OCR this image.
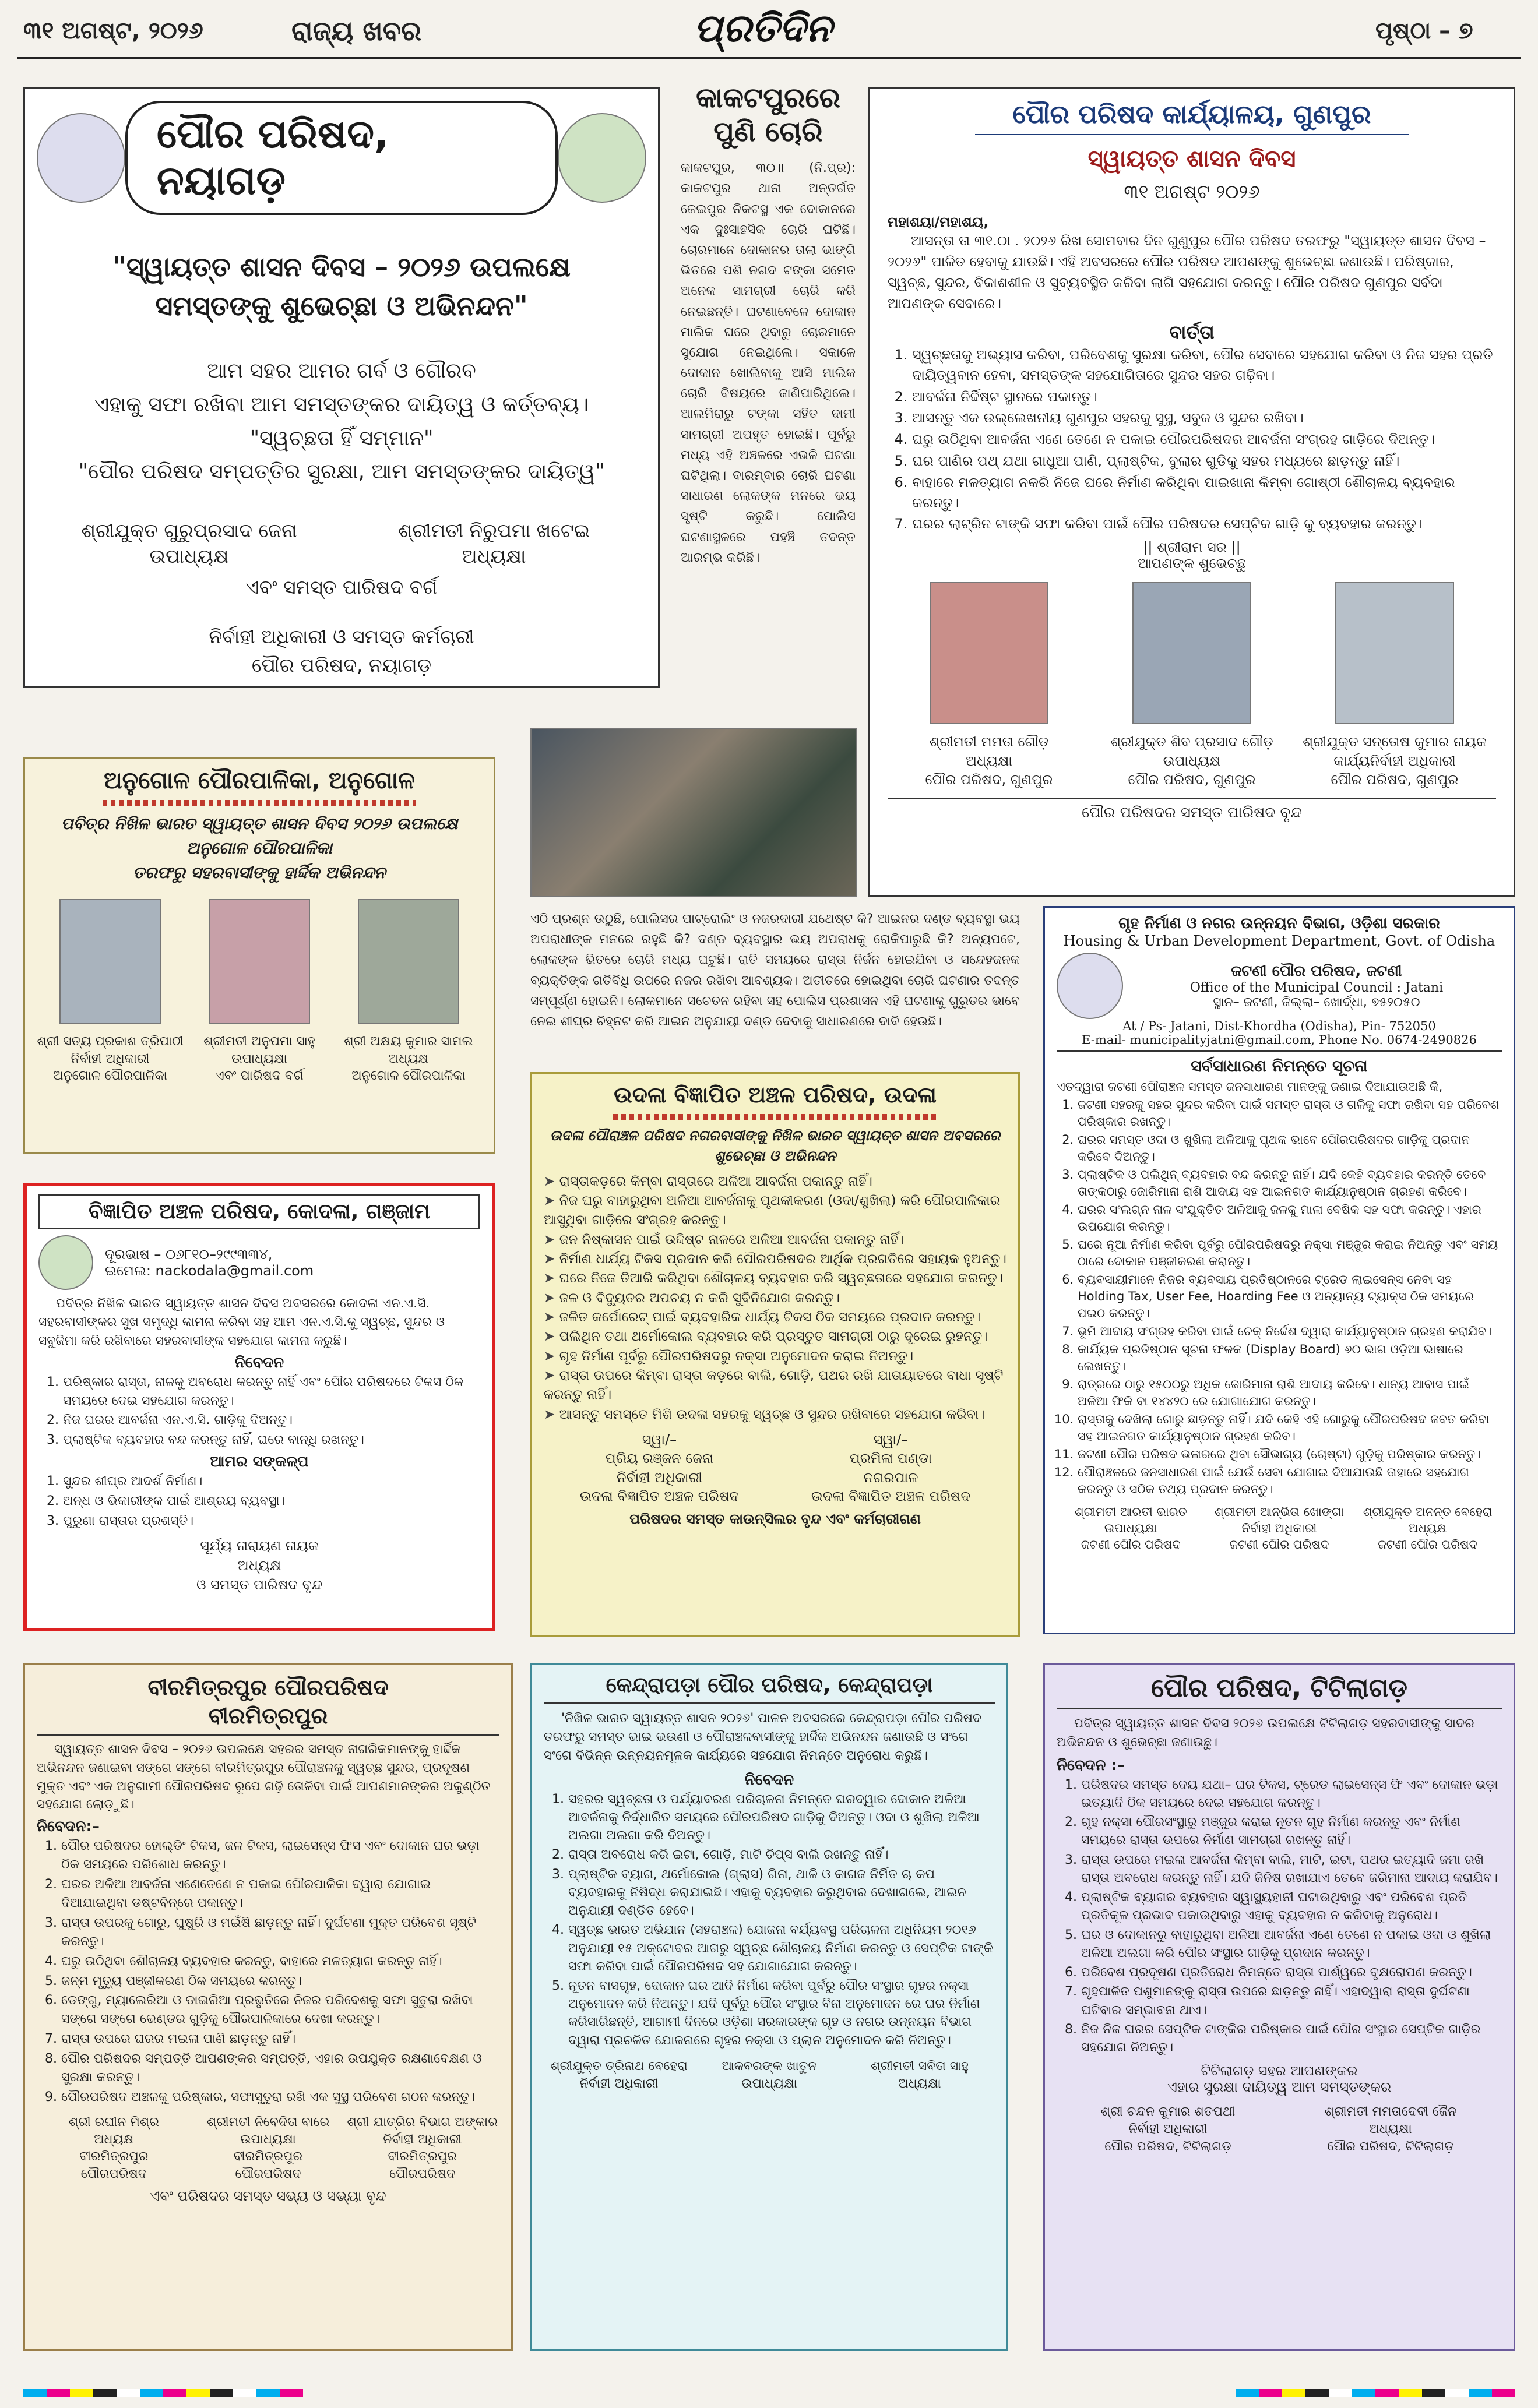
୩୧ ଅଗଷ୍ଟ, ୨୦୨୬	ରାଜ୍ୟ ଖବର	ପ୍ରତିଦିନ	ପୃଷ୍ଠା – ୭
ପୌର ପରିଷଦ, ନୟାଗଡ଼
"ସ୍ୱାୟତ୍ତ ଶାସନ ଦିବସ – ୨୦୨୬ ଉପଲକ୍ଷେ ସମସ୍ତଙ୍କୁ ଶୁଭେଚ୍ଛା ଓ ଅଭିନନ୍ଦନ"
ଆମ ସହର ଆମର ଗର୍ବ ଓ ଗୌରବ
ଏହାକୁ ସଫା ରଖିବା ଆମ ସମସ୍ତଙ୍କର ଦାୟିତ୍ୱ ଓ କର୍ତ୍ତବ୍ୟ।
"ସ୍ୱଚ୍ଛତା ହିଁ ସମ୍ମାନ"
"ପୌର ପରିଷଦ ସମ୍ପତ୍ତିର ସୁରକ୍ଷା, ଆମ ସମସ୍ତଙ୍କର ଦାୟିତ୍ୱ"
ଶ୍ରୀଯୁକ୍ତ ଗୁରୁପ୍ରସାଦ ଜେନା
ଉପାଧ୍ୟକ୍ଷ
ଶ୍ରୀମତୀ ନିରୁପମା ଖଟେଇ
ଅଧ୍ୟକ୍ଷା
ଏବଂ ସମସ୍ତ ପାରିଷଦ ବର୍ଗ
ନିର୍ବାହୀ ଅଧିକାରୀ ଓ ସମସ୍ତ କର୍ମଚାରୀ
ପୌର ପରିଷଦ, ନୟାଗଡ଼
କାକଟପୁରରେ
ପୁଣି ଚୋରି
କାକଟପୁର, ୩୦।୮ (ନି.ପ୍ର): କାକଟପୁର ଥାନା ଅନ୍ତର୍ଗତ ଜେଇପୁର ନିକଟସ୍ଥ ଏକ ଦୋକାନରେ ଏକ ଦୁଃସାହସିକ ଚୋରି ଘଟିଛି। ଚୋରମାନେ ଦୋକାନର ତାଲା ଭାଙ୍ଗି ଭିତରେ ପଶି ନଗଦ ଟଙ୍କା ସମେତ ଅନେକ ସାମଗ୍ରୀ ଚୋରି କରି ନେଇଛନ୍ତି। ଘଟଣାବେଳେ ଦୋକାନ ମାଲିକ ଘରେ ଥିବାରୁ ଚୋରମାନେ ସୁଯୋଗ ନେଇଥିଲେ। ସକାଳେ ଦୋକାନ ଖୋଲିବାକୁ ଆସି ମାଲିକ ଚୋରି ବିଷୟରେ ଜାଣିପାରିଥିଲେ। ଆଲମିରାରୁ ଟଙ୍କା ସହିତ ଦାମୀ ସାମଗ୍ରୀ ଅପହୃତ ହୋଇଛି। ପୂର୍ବରୁ ମଧ୍ୟ ଏହି ଅଞ୍ଚଳରେ ଏଭଳି ଘଟଣା ଘଟିଥିଲା। ବାରମ୍ବାର ଚୋରି ଘଟଣା ସାଧାରଣ ଲୋକଙ୍କ ମନରେ ଭୟ ସୃଷ୍ଟି କରୁଛି। ପୋଲିସ ଘଟଣାସ୍ଥଳରେ ପହଞ୍ଚି ତଦନ୍ତ ଆରମ୍ଭ କରିଛି।
ଏଠି ପ୍ରଶ୍ନ ଉଠୁଛି, ପୋଲିସର ପାଟ୍ରୋଲିଂ ଓ ନଜରଦାରୀ ଯଥେଷ୍ଟ କି? ଆଇନର ଦଣ୍ଡ ବ୍ୟବସ୍ଥା ଭୟ ଅପରାଧୀଙ୍କ ମନରେ ରହୁଛି କି? ଦଣ୍ଡ ବ୍ୟବସ୍ଥାର ଭୟ ଅପରାଧକୁ ରୋକିପାରୁଛି କି? ଅନ୍ୟପଟେ, ଲୋକଙ୍କ ଭିତରେ ଚୋରି ମଧ୍ୟ ଘଟୁଛି। ରାତି ସମୟରେ ରାସ୍ତା ନିର୍ଜନ ହୋଇଯିବା ଓ ସନ୍ଦେହଜନକ ବ୍ୟକ୍ତିଙ୍କ ଗତିବିଧି ଉପରେ ନଜର ରଖିବା ଆବଶ୍ୟକ। ଅତୀତରେ ହୋଇଥିବା ଚୋରି ଘଟଣାର ତଦନ୍ତ ସମ୍ପୂର୍ଣ୍ଣ ହୋଇନି। ଲୋକମାନେ ସଚେତନ ରହିବା ସହ ପୋଲିସ ପ୍ରଶାସନ ଏହି ଘଟଣାକୁ ଗୁରୁତର ଭାବେ ନେଇ ଶୀଘ୍ର ଚିହ୍ନଟ କରି ଆଇନ ଅନୁଯାୟୀ ଦଣ୍ଡ ଦେବାକୁ ସାଧାରଣରେ ଦାବି ହେଉଛି।
ପୌର ପରିଷଦ କାର୍ଯ୍ୟାଳୟ, ଗୁଣପୁର
ସ୍ୱାୟତ୍ତ ଶାସନ ଦିବସ
୩୧ ଅଗଷ୍ଟ ୨୦୨୬
ମହାଶୟା/ମହାଶୟ,
ଆସନ୍ତା ତା ୩୧.୦୮. ୨୦୨୬ ରିଖ ସୋମବାର ଦିନ ଗୁଣୁପୁର ପୌର ପରିଷଦ ତରଫରୁ "ସ୍ୱାୟତ୍ତ ଶାସନ ଦିବସ – ୨୦୨୬" ପାଳିତ ହେବାକୁ ଯାଉଛି। ଏହି ଅବସରରେ ପୌର ପରିଷଦ ଆପଣଙ୍କୁ ଶୁଭେଚ୍ଛା ଜଣାଉଛି। ପରିଷ୍କାର, ସ୍ୱଚ୍ଛ, ସୁନ୍ଦର, ବିକାଶଶୀଳ ଓ ସୁବ୍ୟବସ୍ଥିତ କରିବା ଲାଗି ସହଯୋଗ କରନ୍ତୁ। ପୌର ପରିଷଦ ଗୁଣପୁର ସର୍ବଦା ଆପଣଙ୍କ ସେବାରେ।
ବାର୍ତ୍ତା
1. ସ୍ୱଚ୍ଛତାକୁ ଅଭ୍ୟାସ କରିବା, ପରିବେଶକୁ ସୁରକ୍ଷା କରିବା, ପୌର ସେବାରେ ସହଯୋଗ କରିବା ଓ ନିଜ ସହର ପ୍ରତି ଦାୟିତ୍ୱବାନ ହେବା, ସମସ୍ତଙ୍କ ସହଯୋଗିତାରେ ସୁନ୍ଦର ସହର ଗଢ଼ିବା।
2. ଆବର୍ଜନା ନିର୍ଦ୍ଦିଷ୍ଟ ସ୍ଥାନରେ ପକାନ୍ତୁ।
3. ଆସନ୍ତୁ ଏକ ଉଲ୍ଲେଖନୀୟ ଗୁଣପୁର ସହରକୁ ସୁସ୍ଥ, ସବୁଜ ଓ ସୁନ୍ଦର ରଖିବା।
4. ଘରୁ ଉଠିଥିବା ଆବର୍ଜନା ଏଣେ ତେଣେ ନ ପକାଇ ପୌରପରିଷଦର ଆବର୍ଜନା ସଂଗ୍ରହ ଗାଡ଼ିରେ ଦିଅନ୍ତୁ।
5. ଘର ପାଣିର ପଥ୍ ଯଥା ଗାଧୁଆ ପାଣି, ପ୍ଲାଷ୍ଟିକ, ବୁଲାର ଗୁଡିକୁ ସହର ମଧ୍ୟରେ ଛାଡ଼ନ୍ତୁ ନାହିଁ।
6. ବାହାରେ ମଳତ୍ୟାଗ ନକରି ନିଜେ ଘରେ ନିର୍ମାଣ କରିଥିବା ପାଇଖାନା କିମ୍ବା ଗୋଷ୍ଠୀ ଶୌଚାଳୟ ବ୍ୟବହାର କରନ୍ତୁ।
7. ଘରର ଲାଟ୍ରିନ ଟାଙ୍କି ସଫା କରିବା ପାଇଁ ପୌର ପରିଷଦର ସେପ୍ଟିକ ଗାଡ଼ି କୁ ବ୍ୟବହାର କରନ୍ତୁ।
|| ଶ୍ରୀରାମ ସର ||
ଆପଣଙ୍କ ଶୁଭେଚ୍ଛୁ
ଶ୍ରୀମତୀ ମମତା ଗୌଡ଼
ଅଧ୍ୟକ୍ଷା
ପୌର ପରିଷଦ, ଗୁଣପୁର
ଶ୍ରୀଯୁକ୍ତ ଶିବ ପ୍ରସାଦ ଗୌଡ଼
ଉପାଧ୍ୟକ୍ଷ
ପୌର ପରିଷଦ, ଗୁଣପୁର
ଶ୍ରୀଯୁକ୍ତ ସନ୍ତୋଷ କୁମାର ନାୟକ
କାର୍ଯ୍ୟନିର୍ବାହୀ ଅଧିକାରୀ
ପୌର ପରିଷଦ, ଗୁଣପୁର
ପୌର ପରିଷଦର ସମସ୍ତ ପାରିଷଦ ବୃନ୍ଦ
ଅନୁଗୋଳ ପୌରପାଳିକା, ଅନୁଗୋଳ
ପବିତ୍ର ନିଖିଳ ଭାରତ ସ୍ୱାୟତ୍ତ ଶାସନ ଦିବସ ୨୦୨୬ ଉପଲକ୍ଷେ
ଅନୁଗୋଳ ପୌରପାଳିକା
ତରଫରୁ ସହରବାସୀଙ୍କୁ ହାର୍ଦ୍ଦିକ ଅଭିନନ୍ଦନ
ଶ୍ରୀ ସତ୍ୟ ପ୍ରକାଶ ତ୍ରିପାଠୀ
ନିର୍ବାହୀ ଅଧିକାରୀ
ଅନୁଗୋଳ ପୌରପାଳିକା
ଶ୍ରୀମତୀ ଅନୁପମା ସାହୁ
ଉପାଧ୍ୟକ୍ଷା
ଏବଂ ପାରିଷଦ ବର୍ଗ
ଶ୍ରୀ ଅକ୍ଷୟ କୁମାର ସାମଲ
ଅଧ୍ୟକ୍ଷ
ଅନୁଗୋଳ ପୌରପାଳିକା
ବିଜ୍ଞାପିତ ଅଞ୍ଚଳ ପରିଷଦ, କୋଦଳା, ଗଞ୍ଜାମ
ଦୂରଭାଷ – ୦୬୮୧୦–୨୯୯୩୩୪,
ଇମେଲ: nackodala@gmail.com
ପବିତ୍ର ନିଖିଳ ଭାରତ ସ୍ୱାୟତ୍ତ ଶାସନ ଦିବସ ଅବସରରେ କୋଦଳା ଏନ.ଏ.ସି. ସହରବାସୀଙ୍କର ସୁଖ ସମୃଦ୍ଧି କାମନା କରିବା ସହ ଆମ ଏନ.ଏ.ସି.କୁ ସ୍ୱଚ୍ଛ, ସୁନ୍ଦର ଓ ସବୁଜିମା କରି ରଖିବାରେ ସହରବାସୀଙ୍କ ସହଯୋଗ କାମନା କରୁଛି।
ନିବେଦନ
1. ପରିଷ୍କାର ରାସ୍ତା, ନାଳକୁ ଅବରୋଧ କରନ୍ତୁ ନାହିଁ ଏବଂ ପୌର ପରିଷଦରେ ଟିକସ ଠିକ ସମୟରେ ଦେଇ ସହଯୋଗ କରନ୍ତୁ।
2. ନିଜ ଘରର ଆବର୍ଜନା ଏନ.ଏ.ସି. ଗାଡ଼ିକୁ ଦିଅନ୍ତୁ।
3. ପ୍ଲାଷ୍ଟିକ ବ୍ୟବହାର ବନ୍ଦ କରନ୍ତୁ ନାହିଁ, ଘରେ ବାନ୍ଧି ରଖନ୍ତୁ।
ଆମର ସଙ୍କଳ୍ପ
1. ସୁନ୍ଦର ଶୀଘ୍ର ଆଦର୍ଶ ନିର୍ମାଣ।
2. ଅନ୍ଧ ଓ ଭିକାରୀଙ୍କ ପାଇଁ ଆଶ୍ରୟ ବ୍ୟବସ୍ଥା।
3. ପୁରୁଣା ରାସ୍ତାର ପ୍ରଶସ୍ତି।
ସୂର୍ଯ୍ୟ ନାରାୟଣ ନାୟକ
ଅଧ୍ୟକ୍ଷ
ଓ ସମସ୍ତ ପାରିଷଦ ବୃନ୍ଦ
ଉଦଳା ବିଜ୍ଞାପିତ ଅଞ୍ଚଳ ପରିଷଦ, ଉଦଳା
ଉଦଳା ପୌରାଞ୍ଚଳ ପରିଷଦ ନଗରବାସୀଙ୍କୁ ନିଖିଳ ଭାରତ ସ୍ୱାୟତ୍ତ ଶାସନ ଅବସରରେ ଶୁଭେଚ୍ଛା ଓ ଅଭିନନ୍ଦନ
➤ ରାସ୍ତାକଡ଼ରେ କିମ୍ବା ରାସ୍ତାରେ ଅଳିଆ ଆବର୍ଜନା ପକାନ୍ତୁ ନାହିଁ।
➤ ନିଜ ଘରୁ ବାହାରୁଥିବା ଅଳିଆ ଆବର୍ଜନାକୁ ପୃଥକୀକରଣ (ଓଦା/ଶୁଖିଲା) କରି ପୌରପାଳିକାର ଆସୁଥିବା ଗାଡ଼ିରେ ସଂଗ୍ରହ କରନ୍ତୁ।
➤ ଜନ ନିଷ୍କାସନ ପାଇଁ ଉଦ୍ଦିଷ୍ଟ ନାଳରେ ଅଳିଆ ଆବର୍ଜନା ପକାନ୍ତୁ ନାହିଁ।
➤ ନିର୍ମାଣ ଧାର୍ଯ୍ୟ ଟିକସ ପ୍ରଦାନ କରି ପୌରପରିଷଦର ଆର୍ଥିକ ପ୍ରଗତିରେ ସହାୟକ ହୁଅନ୍ତୁ।
➤ ଘରେ ନିଜେ ତିଆରି କରିଥିବା ଶୌଚାଳୟ ବ୍ୟବହାର କରି ସ୍ୱଚ୍ଛତାରେ ସହଯୋଗ କରନ୍ତୁ।
➤ ଜଳ ଓ ବିଦ୍ୟୁତର ଅପଚୟ ନ କରି ସୁବିନିଯୋଗ କରନ୍ତୁ।
➤ ଜଳିତ କର୍ପୋରେଟ୍ ପାଇଁ ବ୍ୟବହାରିକ ଧାର୍ଯ୍ୟ ଟିକସ ଠିକ ସମୟରେ ପ୍ରଦାନ କରନ୍ତୁ।
➤ ପଲିଥିନ ତଥା ଥର୍ମୋକୋଲ ବ୍ୟବହାର କରି ପ୍ରସ୍ତୁତ ସାମଗ୍ରୀ ଠାରୁ ଦୂରେଇ ରୁହନ୍ତୁ।
➤ ଗୃହ ନିର୍ମାଣ ପୂର୍ବରୁ ପୌରପରିଷଦରୁ ନକ୍ସା ଅନୁମୋଦନ କରାଇ ନିଅନ୍ତୁ।
➤ ରାସ୍ତା ଉପରେ କିମ୍ବା ରାସ୍ତା କଡ଼ରେ ବାଲି, ଗୋଡ଼ି, ପଥର ରଖି ଯାତାୟାତରେ ବାଧା ସୃଷ୍ଟି କରନ୍ତୁ ନାହିଁ।
➤ ଆସନ୍ତୁ ସମସ୍ତେ ମିଶି ଉଦଳା ସହରକୁ ସ୍ୱଚ୍ଛ ଓ ସୁନ୍ଦର ରଖିବାରେ ସହଯୋଗ କରିବା।
ସ୍ୱା/–
ପ୍ରିୟ ରଞ୍ଜନ ଜେନା
ନିର୍ବାହୀ ଅଧିକାରୀ
ଉଦଳା ବିଜ୍ଞାପିତ ଅଞ୍ଚଳ ପରିଷଦ
ସ୍ୱା/–
ପ୍ରମିଳା ପଣ୍ଡା
ନଗରପାଳ
ଉଦଳା ବିଜ୍ଞାପିତ ଅଞ୍ଚଳ ପରିଷଦ
ପରିଷଦର ସମସ୍ତ କାଉନ୍ସିଲର ବୃନ୍ଦ ଏବଂ କର୍ମଚାରୀଗଣ
ଗୃହ ନିର୍ମାଣ ଓ ନଗର ଉନ୍ନୟନ ବିଭାଗ, ଓଡ଼ିଶା ସରକାର
Housing & Urban Development Department, Govt. of Odisha
ଜଟଣୀ ପୌର ପରିଷଦ, ଜଟଣୀ
Office of the Municipal Council : Jatani
ସ୍ଥାନ– ଜଟଣୀ, ଜିଲ୍ଲା– ଖୋର୍ଦ୍ଧା, ୭୫୨୦୫୦
At / Ps- Jatani, Dist-Khordha (Odisha), Pin- 752050
E-mail- municipalityjatni@gmail.com, Phone No. 0674-2490826
ସର୍ବସାଧାରଣ ନିମନ୍ତେ ସୂଚନା
ଏତଦ୍ୱାରା ଜଟଣୀ ପୌରାଞ୍ଚଳ ସମସ୍ତ ଜନସାଧାରଣ ମାନଙ୍କୁ ଜଣାଇ ଦିଆଯାଉଅଛି କି,
1. ଜଟଣୀ ସହରକୁ ସହର ସୁନ୍ଦର କରିବା ପାଇଁ ସମସ୍ତ ରାସ୍ତା ଓ ଗଳିକୁ ସଫା ରଖିବା ସହ ପରିବେଶ ପରିଷ୍କାର ରଖନ୍ତୁ।
2. ଘରର ସମସ୍ତ ଓଦା ଓ ଶୁଖିଲା ଅଳିଆକୁ ପୃଥକ ଭାବେ ପୌରପରିଷଦର ଗାଡ଼ିକୁ ପ୍ରଦାନ କରିବେ ଦିଅନ୍ତୁ।
3. ପ୍ଲାଷ୍ଟିକ ଓ ପଲିଥିନ୍ ବ୍ୟବହାର ବନ୍ଦ କରନ୍ତୁ ନାହିଁ। ଯଦି କେହି ବ୍ୟବହାର କରନ୍ତି ତେବେ ତାଙ୍କଠାରୁ ଜୋରିମାନା ରାଶି ଆଦାୟ ସହ ଆଇନଗତ କାର୍ଯ୍ୟାନୁଷ୍ଠାନ ଗ୍ରହଣ କରିବେ।
4. ଘରର ସଂଲଗ୍ନ ନାଳ ସଂଯୁକ୍ତିତ ଅଳିଆକୁ ଜଳକୁ ମାଳା ବେଷିକ ସହ ସଫା କରନ୍ତୁ। ଏହାର ଉପଯୋଗ କରନ୍ତୁ।
5. ଘରେ ନୂଆ ନିର୍ମାଣ କରିବା ପୂର୍ବରୁ ପୌରପରିଷଦରୁ ନକ୍ସା ମଞ୍ଜୁର କରାଇ ନିଅନ୍ତୁ ଏବଂ ସମୟ ଠାରେ ଦୋକାନ ପଞ୍ଜୀକରଣ କରାନ୍ତୁ।
6. ବ୍ୟବସାୟୀମାନେ ନିଜର ବ୍ୟବସାୟ ପ୍ରତିଷ୍ଠାନରେ ଟ୍ରେଡ ଲାଇସେନ୍ସ ନେବା ସହ Holding Tax, User Fee, Hoarding Fee ଓ ଅନ୍ୟାନ୍ୟ ଟ୍ୟାକ୍ସ ଠିକ ସମୟରେ ପଇଠ କରନ୍ତୁ।
7. ଭୂମି ଆଦାୟ ସଂଗ୍ରହ କରିବା ପାଇଁ ଚେକ୍ ନିର୍ଦ୍ଦେଶ ଦ୍ୱାରା କାର୍ଯ୍ୟାନୁଷ୍ଠାନ ଗ୍ରହଣ କରାଯିବ।
8. କାର୍ଯ୍ୟିକ ପ୍ରତିଷ୍ଠାନ ସୂଚନା ଫଳକ (Display Board) ୬୦ ଭାଗ ଓଡ଼ିଆ ଭାଷାରେ ଲେଖନ୍ତୁ।
9. ରାତ୍ରରେ ଠାରୁ ୧୫୦୦ରୁ ଅଧିକ ଜୋରିମାନା ରାଶି ଆଦାୟ କରିବେ। ଧାନ୍ୟ ଆବାସ ପାଇଁ ଅଳିଆ ଫିକି ବା ୧୪୪୨୦ ରେ ଯୋଗାଯୋଗ କରନ୍ତୁ।
10. ରାସ୍ତାକୁ ଦେଖିଲା ଗୋରୁ ଛାଡ଼ନ୍ତୁ ନାହିଁ। ଯଦି କେହି ଏହି ଗୋରୁକୁ ପୌରପରିଷଦ ଜବତ କରିବା ସହ ଆଇନଗତ କାର୍ଯ୍ୟାନୁଷ୍ଠାନ ଗ୍ରହଣ କରିବ।
11. ଜଟଣୀ ପୌର ପରିଷଦ ଭଳାରରେ ଥିବା ସୌଭାଗ୍ୟ (ଚୋଷ୍ଟା) ଗୁଡ଼ିକୁ ପରିଷ୍କାର କରନ୍ତୁ।
12. ପୌରାଞ୍ଚଳରେ ଜନସାଧାରଣ ପାଇଁ ଯେଉଁ ସେବା ଯୋଗାଇ ଦିଆଯାଉଛି ତାହାରେ ସହଯୋଗ କରନ୍ତୁ ଓ ସଠିକ ତଥ୍ୟ ପ୍ରଦାନ କରନ୍ତୁ।
ଶ୍ରୀମତୀ ଆରତୀ ଭାରତ
ଉପାଧ୍ୟକ୍ଷା
ଜଟଣୀ ପୌର ପରିଷଦ
ଶ୍ରୀମତୀ ଆନ୍ଭିତା ଖୋଙ୍ଗା
ନିର୍ବାହୀ ଅଧିକାରୀ
ଜଟଣୀ ପୌର ପରିଷଦ
ଶ୍ରୀଯୁକ୍ତ ଅନନ୍ତ ବେହେରା
ଅଧ୍ୟକ୍ଷ
ଜଟଣୀ ପୌର ପରିଷଦ
ବୀରମିତ୍ରପୁର ପୌରପରିଷଦ
ବୀରମିତ୍ରପୁର
ସ୍ୱାୟତ୍ତ ଶାସନ ଦିବସ – ୨୦୨୬ ଉପଲକ୍ଷେ ସହରର ସମସ୍ତ ନାଗରିକମାନଙ୍କୁ ହାର୍ଦ୍ଦିକ ଅଭିନନ୍ଦନ ଜଣାଇବା ସଙ୍ଗେ ସଙ୍ଗେ ବୀରମିତ୍ରପୁର ପୌରାଞ୍ଚଳକୁ ସ୍ୱଚ୍ଛ ସୁନ୍ଦର, ପ୍ରଦୂଷଣ ମୁକ୍ତ ଏବଂ ଏକ ଅନୁଗାମୀ ପୌରପରିଷଦ ରୂପେ ଗଢ଼ି ତୋଳିବା ପାଇଁ ଆପଣମାନଙ୍କର ଅକୁଣ୍ଠିତ ସହଯୋଗ ଲୋଡ଼ୁଛି।
ନିବେଦନ:–
1. ପୌର ପରିଷଦର ହୋଲ୍ଡିଂ ଟିକସ, ଜଳ ଟିକସ, ଲାଇସେନ୍ସ ଫିସ ଏବଂ ଦୋକାନ ଘର ଭଡ଼ା ଠିକ ସମୟରେ ପରିଶୋଧ କରନ୍ତୁ।
2. ଘରର ଅଳିଆ ଆବର୍ଜନା ଏଣେତେଣେ ନ ପକାଇ ପୌରପାଳିକା ଦ୍ୱାରା ଯୋଗାଇ ଦିଆଯାଇଥିବା ଡଷ୍ଟବିନ୍‌ରେ ପକାନ୍ତୁ।
3. ରାସ୍ତା ଉପରକୁ ଗୋରୁ, ଘୁଷୁରି ଓ ମଇଁଷି ଛାଡ଼ନ୍ତୁ ନାହିଁ। ଦୁର୍ଘଟଣା ମୁକ୍ତ ପରିବେଶ ସୃଷ୍ଟି କରନ୍ତୁ।
4. ଘରୁ ଉଠିଥିବା ଶୌଚାଳୟ ବ୍ୟବହାର କରନ୍ତୁ, ବାହାରେ ମଳତ୍ୟାଗ କରନ୍ତୁ ନାହିଁ।
5. ଜନ୍ମ ମୃତ୍ୟୁ ପଞ୍ଜୀକରଣ ଠିକ ସମୟରେ କରନ୍ତୁ।
6. ଡେଙ୍ଗୁ, ମ୍ୟାଲେରିଆ ଓ ଡାଇରିଆ ପ୍ରଭୃତିରେ ନିଜର ପରିବେଶକୁ ସଫା ସୁତୁରା ରଖିବା ସଙ୍ଗେ ସଙ୍ଗେ ଭେଣ୍ଡର ଗୁଡ଼ିକୁ ପୌରପାଳିକାରେ ଦେଖା କରନ୍ତୁ।
7. ରାସ୍ତା ଉପରେ ଘରର ମଇଳା ପାଣି ଛାଡ଼ନ୍ତୁ ନାହିଁ।
8. ପୌର ପରିଷଦର ସମ୍ପତ୍ତି ଆପଣଙ୍କର ସମ୍ପତ୍ତି, ଏହାର ଉପଯୁକ୍ତ ରକ୍ଷଣାବେକ୍ଷଣ ଓ ସୁରକ୍ଷା କରନ୍ତୁ।
9. ପୌରପରିଷଦ ଅଞ୍ଚଳକୁ ପରିଷ୍କାର, ସଫାସୁତୁରା ରଖି ଏକ ସୁସ୍ଥ ପରିବେଶ ଗଠନ କରନ୍ତୁ।
ଶ୍ରୀ ରଘୀନ ମିଶ୍ର
ଅଧ୍ୟକ୍ଷ
ବୀରମିତ୍ରପୁର
ପୌରପରିଷଦ
ଶ୍ରୀମତୀ ନିବେଦିତା ବାରେ
ଉପାଧ୍ୟକ୍ଷା
ବୀରମିତ୍ରପୁର
ପୌରପରିଷଦ
ଶ୍ରୀ ଯାତ୍ରିର ବିଭାଗ ଅଙ୍କାର
ନିର୍ବାହୀ ଅଧିକାରୀ
ବୀରମିତ୍ରପୁର
ପୌରପରିଷଦ
ଏବଂ ପରିଷଦର ସମସ୍ତ ସଭ୍ୟ ଓ ସଭ୍ୟା ବୃନ୍ଦ
କେନ୍ଦ୍ରାପଡ଼ା ପୌର ପରିଷଦ, କେନ୍ଦ୍ରାପଡ଼ା
'ନିଖିଳ ଭାରତ ସ୍ୱାୟତ୍ତ ଶାସନ ୨୦୨୬' ପାଳନ ଅବସରରେ କେନ୍ଦ୍ରାପଡ଼ା ପୌର ପରିଷଦ ତରଫରୁ ସମସ୍ତ ଭାଇ ଭଉଣୀ ଓ ପୌରାଞ୍ଚଳବାସୀଙ୍କୁ ହାର୍ଦ୍ଦିକ ଅଭିନନ୍ଦନ ଜଣାଉଛି ଓ ସଂଗେ ସଂଗେ ବିଭିନ୍ନ ଉନ୍ନୟନମୂଳକ କାର୍ଯ୍ୟରେ ସହଯୋଗ ନିମନ୍ତେ ଅନୁରୋଧ କରୁଛି।
ନିବେଦନ
1. ସହରର ସ୍ୱଚ୍ଛତା ଓ ପର୍ଯ୍ୟାବରଣ ପରିଚାଳନା ନିମନ୍ତେ ଘରଦ୍ୱାର ଦୋକାନ ଅଳିଆ ଆବର୍ଜନାକୁ ନିର୍ଦ୍ଧାରିତ ସମୟରେ ପୌରପରିଷଦ ଗାଡ଼ିକୁ ଦିଅନ୍ତୁ। ଓଦା ଓ ଶୁଖିଲା ଅଳିଆ ଅଲଗା ଅଲଗା କରି ଦିଅନ୍ତୁ।
2. ରାସ୍ତା ଅବରୋଧ କରି ଇଟା, ଗୋଡ଼ି, ମାଟି ଚିପ୍ସ ବାଲି ରଖନ୍ତୁ ନାହିଁ।
3. ପ୍ଲାଷ୍ଟିକ ବ୍ୟାଗ, ଥର୍ମୋକୋଲ (ଗ୍ଲାସ) ଗିନା, ଥାଳି ଓ କାଗଜ ନିର୍ମିତ ଚା କପ ବ୍ୟବହାରକୁ ନିଷିଦ୍ଧ କରାଯାଇଛି। ଏହାକୁ ବ୍ୟବହାର କରୁଥିବାର ଦେଖାଗଲେ, ଆଇନ ଅନୁଯାୟୀ ଦଣ୍ଡିତ ହେବେ।
4. ସ୍ୱଚ୍ଛ ଭାରତ ଅଭିଯାନ (ସହରାଞ୍ଚଳ) ଯୋଜନା ବର୍ଯ୍ୟବସ୍ଥ ପରିଚାଳନା ଅଧିନିୟମ ୨୦୧୬ ଅନୁଯାୟୀ ୧୫ ଅକ୍ଟୋବର ଆଗରୁ ସ୍ୱଚ୍ଛ ଶୌଚାଳୟ ନିର୍ମାଣ କରନ୍ତୁ ଓ ସେପ୍ଟିକ ଟାଙ୍କି ସଫା କରିବା ପାଇଁ ପୌରପରିଷଦ ସହ ଯୋଗାଯୋଗ କରନ୍ତୁ।
5. ନୂତନ ବାସଗୃହ, ଦୋକାନ ଘର ଆଦି ନିର୍ମାଣ କରିବା ପୂର୍ବରୁ ପୌର ସଂସ୍ଥାର ଗୃହର ନକ୍ସା ଅନୁମୋଦନ କରି ନିଅନ୍ତୁ। ଯଦି ପୂର୍ବରୁ ପୌର ସଂସ୍ଥାର ବିନା ଅନୁମୋଦନ ରେ ଘର ନିର୍ମାଣ କରିସାରିଛନ୍ତି, ଆଗାମୀ ଦିନରେ ଓଡ଼ିଶା ସରକାରଙ୍କ ଗୃହ ଓ ନଗର ଉନ୍ନୟନ ବିଭାଗ ଦ୍ୱାରା ପ୍ରଚଳିତ ଯୋଜନାରେ ଗୃହର ନକ୍ସା ଓ ପ୍ଲାନ ଅନୁମୋଦନ କରି ନିଅନ୍ତୁ।
ଶ୍ରୀଯୁକ୍ତ ତ୍ରିନାଥ ବେହେରା
ନିର୍ବାହୀ ଅଧିକାରୀ
ଆକବରଙ୍କ ଖାତୁନ
ଉପାଧ୍ୟକ୍ଷା
ଶ୍ରୀମତୀ ସବିତା ସାହୁ
ଅଧ୍ୟକ୍ଷା
ପୌର ପରିଷଦ, ଟିଟିଲାଗଡ଼
ପବିତ୍ର ସ୍ୱାୟତ୍ତ ଶାସନ ଦିବସ ୨୦୨୬ ଉପଲକ୍ଷେ ଟିଟିଲାଗଡ଼ ସହରବାସୀଙ୍କୁ ସାଦର ଅଭିନନ୍ଦନ ଓ ଶୁଭେଚ୍ଛା ଜଣାଉଛୁ।
ନିବେଦନ :–
1. ପରିଷଦର ସମସ୍ତ ଦେୟ ଯଥା– ଘର ଟିକସ, ଟ୍ରେଡ ଲାଇସେନ୍ସ ଫି ଏବଂ ଦୋକାନ ଭଡ଼ା ଇତ୍ୟାଦି ଠିକ ସମୟରେ ଦେଇ ସହଯୋଗ କରନ୍ତୁ।
2. ଗୃହ ନକ୍ସା ପୌରସଂସ୍ଥାରୁ ମଞ୍ଜୁର କରାଇ ନୂତନ ଗୃହ ନିର୍ମାଣ କରନ୍ତୁ ଏବଂ ନିର୍ମାଣ ସମୟରେ ରାସ୍ତା ଉପରେ ନିର୍ମାଣ ସାମଗ୍ରୀ ରଖନ୍ତୁ ନାହିଁ।
3. ରାସ୍ତା ଉପରେ ମଇଳା ଆବର୍ଜନା କିମ୍ବା ବାଲି, ମାଟି, ଇଟା, ପଥର ଇତ୍ୟାଦି ଜମା ରଖି ରାସ୍ତା ଅବରୋଧ କରନ୍ତୁ ନାହିଁ। ଯଦି ଜିନିଷ ରଖାଯାଏ ତେବେ ଜରିମାନା ଆଦାୟ କରାଯିବ।
4. ପ୍ଲାଷ୍ଟିକ ବ୍ୟାଗର ବ୍ୟବହାର ସ୍ୱାସ୍ଥ୍ୟହାନୀ ଘଟାଉଥିବାରୁ ଏବଂ ପରିବେଶ ପ୍ରତି ପ୍ରତିକୂଳ ପ୍ରଭାବ ପକାଉଥିବାରୁ ଏହାକୁ ବ୍ୟବହାର ନ କରିବାକୁ ଅନୁରୋଧ।
5. ଘର ଓ ଦୋକାନରୁ ବାହାରୁଥିବା ଅଳିଆ ଆବର୍ଜନା ଏଣେ ତେଣେ ନ ପକାଇ ଓଦା ଓ ଶୁଖିଲା ଅଳିଆ ଅଲଗା କରି ପୌର ସଂସ୍ଥାର ଗାଡ଼ିକୁ ପ୍ରଦାନ କରନ୍ତୁ।
6. ପରିବେଶ ପ୍ରଦୂଷଣ ପ୍ରତିରୋଧ ନିମନ୍ତେ ରାସ୍ତା ପାର୍ଶ୍ୱରେ ବୃକ୍ଷରୋପଣ କରନ୍ତୁ।
7. ଗୃହପାଳିତ ପଶୁମାନଙ୍କୁ ରାସ୍ତା ଉପରେ ଛାଡ଼ନ୍ତୁ ନାହିଁ। ଏହାଦ୍ୱାରା ରାସ୍ତା ଦୁର୍ଘଟଣା ଘଟିବାର ସମ୍ଭାବନା ଥାଏ।
8. ନିଜ ନିଜ ଘରର ସେପ୍ଟିକ ଟାଙ୍କିର ପରିଷ୍କାର ପାଇଁ ପୌର ସଂସ୍ଥାର ସେପ୍ଟିକ ଗାଡ଼ିର ସହଯୋଗ ନିଅନ୍ତୁ।
ଟିଟିଲାଗଡ଼ ସହର ଆପଣଙ୍କର
ଏହାର ସୁରକ୍ଷା ଦାୟିତ୍ୱ ଆମ ସମସ୍ତଙ୍କର
ଶ୍ରୀ ଚନ୍ଦନ କୁମାର ଶତପଥୀ
ନିର୍ବାହୀ ଅଧିକାରୀ
ପୌର ପରିଷଦ, ଟିଟିଲାଗଡ଼
ଶ୍ରୀମତୀ ମମତାଦେବୀ ଜୈନ
ଅଧ୍ୟକ୍ଷା
ପୌର ପରିଷଦ, ଟିଟିଲାଗଡ଼
